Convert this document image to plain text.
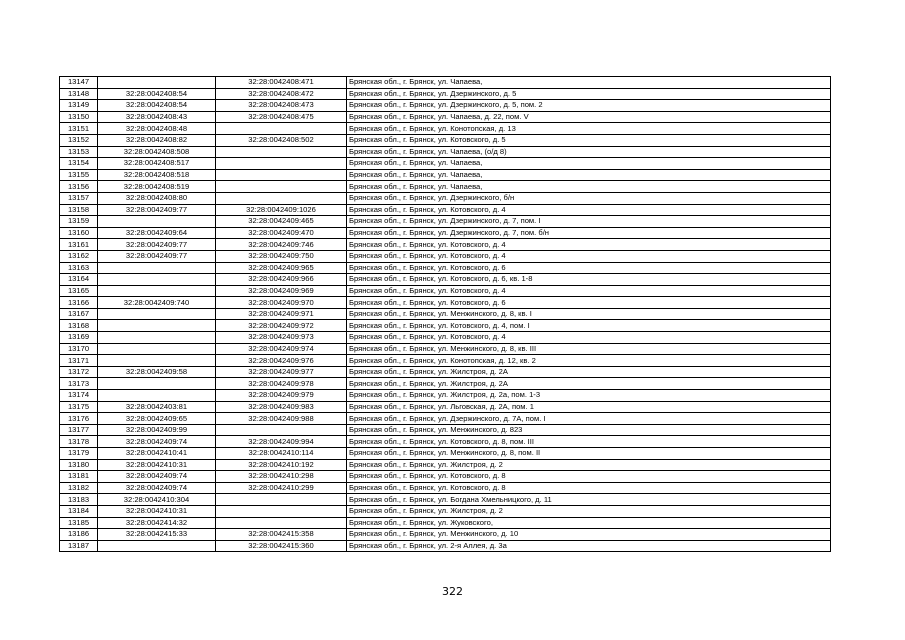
13147		32:28:0042408:471	Брянская обл., г. Брянск, ул. Чапаева,
13148	32:28:0042408:54	32:28:0042408:472	Брянская обл., г. Брянск, ул. Дзержинского, д. 5
13149	32:28:0042408:54	32:28:0042408:473	Брянская обл., г. Брянск, ул. Дзержинского, д. 5, пом. 2
13150	32:28:0042408:43	32:28:0042408:475	Брянская обл., г. Брянск, ул. Чапаева, д. 22, пом. V
13151	32:28:0042408:48		Брянская обл., г. Брянск, ул. Конотопская, д. 13
13152	32:28:0042408:82	32:28:0042408:502	Брянская обл., г. Брянск, ул. Котовского, д. 5
13153	32:28:0042408:508		Брянская обл., г. Брянск, ул. Чапаева, (о/д 8)
13154	32:28:0042408:517		Брянская обл., г. Брянск, ул. Чапаева,
13155	32:28:0042408:518		Брянская обл., г. Брянск, ул. Чапаева,
13156	32:28:0042408:519		Брянская обл., г. Брянск, ул. Чапаева,
13157	32:28:0042408:80		Брянская обл., г. Брянск, ул. Дзержинского, б/н
13158	32:28:0042409:77	32:28:0042409:1026	Брянская обл., г. Брянск, ул. Котовского, д. 4
13159		32:28:0042409:465	Брянская обл., г. Брянск, ул. Дзержинского, д. 7, пом. I
13160	32:28:0042409:64	32:28:0042409:470	Брянская обл., г. Брянск, ул. Дзержинского, д. 7, пом. б/н
13161	32:28:0042409:77	32:28:0042409:746	Брянская обл., г. Брянск, ул. Котовского, д. 4
13162	32:28:0042409:77	32:28:0042409:750	Брянская обл., г. Брянск, ул. Котовского, д. 4
13163		32:28:0042409:965	Брянская обл., г. Брянск, ул. Котовского, д. 6
13164		32:28:0042409:966	Брянская обл., г. Брянск, ул. Котовского, д. 6, кв. 1-8
13165		32:28:0042409:969	Брянская обл., г. Брянск, ул. Котовского, д. 4
13166	32:28:0042409:740	32:28:0042409:970	Брянская обл., г. Брянск, ул. Котовского, д. 6
13167		32:28:0042409:971	Брянская обл., г. Брянск, ул. Менжинского, д. 8, кв. I
13168		32:28:0042409:972	Брянская обл., г. Брянск, ул. Котовского, д. 4, пом. I
13169		32:28:0042409:973	Брянская обл., г. Брянск, ул. Котовского, д. 4
13170		32:28:0042409:974	Брянская обл., г. Брянск, ул. Менжинского, д. 8, кв. III
13171		32:28:0042409:976	Брянская обл., г. Брянск, ул. Конотопская, д. 12, кв. 2
13172	32:28:0042409:58	32:28:0042409:977	Брянская обл., г. Брянск, ул. Жилстроя, д. 2А
13173		32:28:0042409:978	Брянская обл., г. Брянск, ул. Жилстроя, д. 2А
13174		32:28:0042409:979	Брянская обл., г. Брянск, ул. Жилстроя, д. 2а, пом. 1-3
13175	32:28:0042403:81	32:28:0042409:983	Брянская обл., г. Брянск, ул. Льговская, д. 2А, пом. 1
13176	32:28:0042409:65	32:28:0042409:988	Брянская обл., г. Брянск, ул. Дзержинского, д. 7А, пом. I
13177	32:28:0042409:99		Брянская обл., г. Брянск, ул. Менжинского, д. 823
13178	32:28:0042409:74	32:28:0042409:994	Брянская обл., г. Брянск, ул. Котовского, д. 8, пом. III
13179	32:28:0042410:41	32:28:0042410:114	Брянская обл., г. Брянск, ул. Менжинского, д. 8, пом. II
13180	32:28:0042410:31	32:28:0042410:192	Брянская обл., г. Брянск, ул. Жилстроя, д. 2
13181	32:28:0042409:74	32:28:0042410:298	Брянская обл., г. Брянск, ул. Котовского, д. 8
13182	32:28:0042409:74	32:28:0042410:299	Брянская обл., г. Брянск, ул. Котовского, д. 8
13183	32:28:0042410:304		Брянская обл., г. Брянск, ул. Богдана Хмельницкого, д. 11
13184	32:28:0042410:31		Брянская обл., г. Брянск, ул. Жилстроя, д. 2
13185	32:28:0042414:32		Брянская обл., г. Брянск, ул. Жуковского,
13186	32:28:0042415:33	32:28:0042415:358	Брянская обл., г. Брянск, ул. Менжинского, д. 10
13187		32:28:0042415:360	Брянская обл., г. Брянск, ул. 2-я Аллея, д. 3а
322
